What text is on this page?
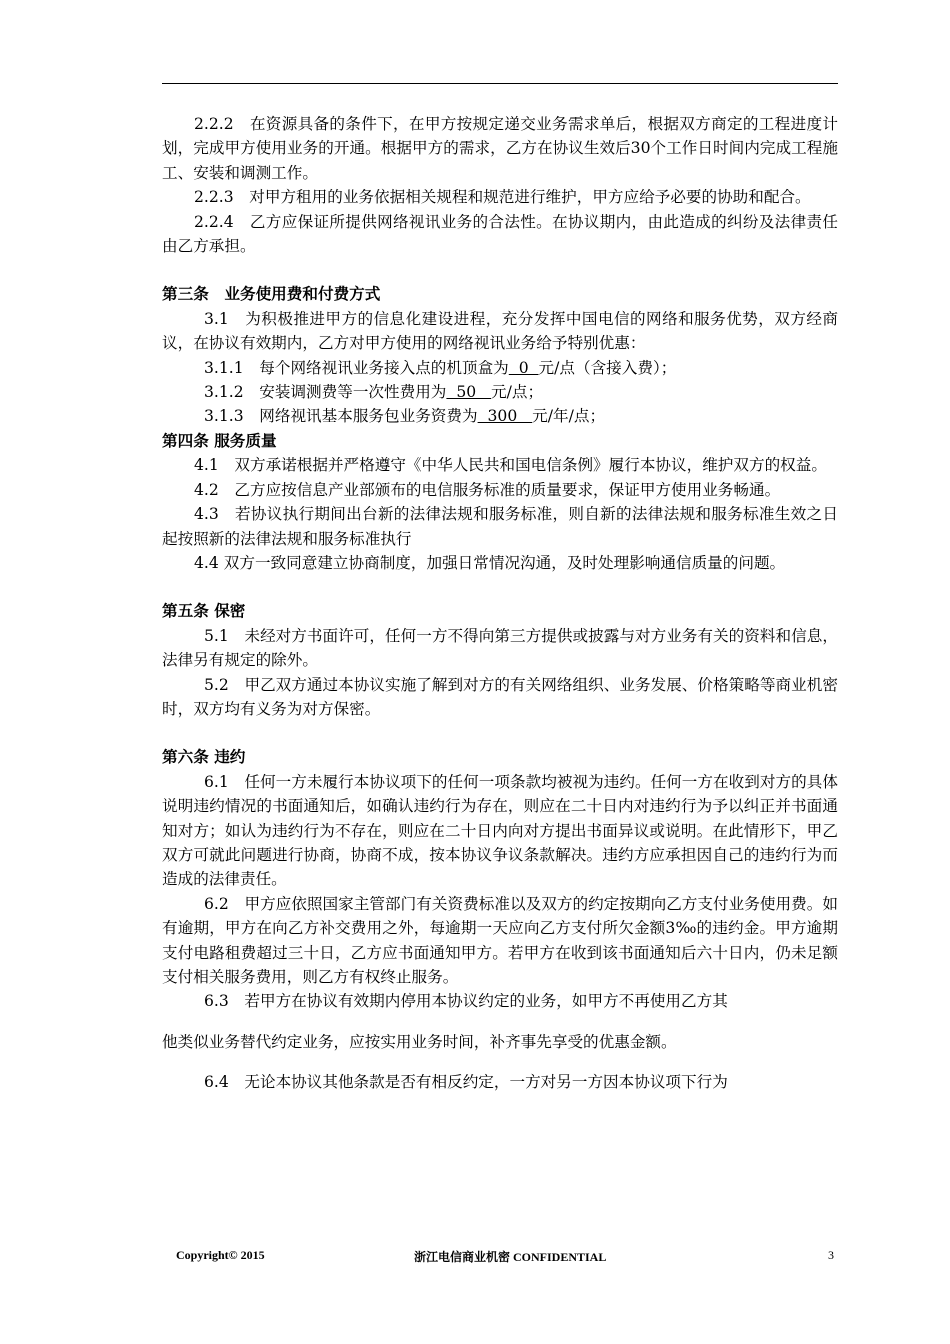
2.2.2　在资源具备的条件下，在甲方按规定递交业务需求单后，根据双方商定的工程进度计划，完成甲方使用业务的开通。根据甲方的需求，乙方在协议生效后30个工作日时间内完成工程施工、安装和调测工作。

2.2.3　对甲方租用的业务依据相关规程和规范进行维护，甲方应给予必要的协助和配合。

2.2.4　乙方应保证所提供网络视讯业务的合法性。在协议期内，由此造成的纠纷及法律责任由乙方承担。

第三条　业务使用费和付费方式

3.1　为积极推进甲方的信息化建设进程，充分发挥中国电信的网络和服务优势，双方经商议，在协议有效期内，乙方对甲方使用的网络视讯业务给予特别优惠：

3.1.1　每个网络视讯业务接入点的机顶盒为  0  元/点（含接入费）；

3.1.2　安装调测费等一次性费用为  50   元/点；

3.1.3　网络视讯基本服务包业务资费为  300   元/年/点；

第四条 服务质量

4.1　双方承诺根据并严格遵守《中华人民共和国电信条例》履行本协议，维护双方的权益。

4.2　乙方应按信息产业部颁布的电信服务标准的质量要求，保证甲方使用业务畅通。

4.3　若协议执行期间出台新的法律法规和服务标准，则自新的法律法规和服务标准生效之日起按照新的法律法规和服务标准执行

4.4 双方一致同意建立协商制度，加强日常情况沟通，及时处理影响通信质量的问题。

第五条 保密

5.1　未经对方书面许可，任何一方不得向第三方提供或披露与对方业务有关的资料和信息，法律另有规定的除外。

5.2　甲乙双方通过本协议实施了解到对方的有关网络组织、业务发展、价格策略等商业机密时，双方均有义务为对方保密。

第六条 违约

6.1　任何一方未履行本协议项下的任何一项条款均被视为违约。任何一方在收到对方的具体说明违约情况的书面通知后，如确认违约行为存在，则应在二十日内对违约行为予以纠正并书面通知对方；如认为违约行为不存在，则应在二十日内向对方提出书面异议或说明。在此情形下，甲乙双方可就此问题进行协商，协商不成，按本协议争议条款解决。违约方应承担因自己的违约行为而造成的法律责任。

6.2　甲方应依照国家主管部门有关资费标准以及双方的约定按期向乙方支付业务使用费。如有逾期，甲方在向乙方补交费用之外，每逾期一天应向乙方支付所欠金额3‰的违约金。甲方逾期支付电路租费超过三十日，乙方应书面通知甲方。若甲方在收到该书面通知后六十日内，仍未足额支付相关服务费用，则乙方有权终止服务。

6.3　若甲方在协议有效期内停用本协议约定的业务，如甲方不再使用乙方其

他类似业务替代约定业务，应按实用业务时间，补齐事先享受的优惠金额。

6.4　无论本协议其他条款是否有相反约定，一方对另一方因本协议项下行为

Copyright© 2015	浙江电信商业机密 CONFIDENTIAL	3
